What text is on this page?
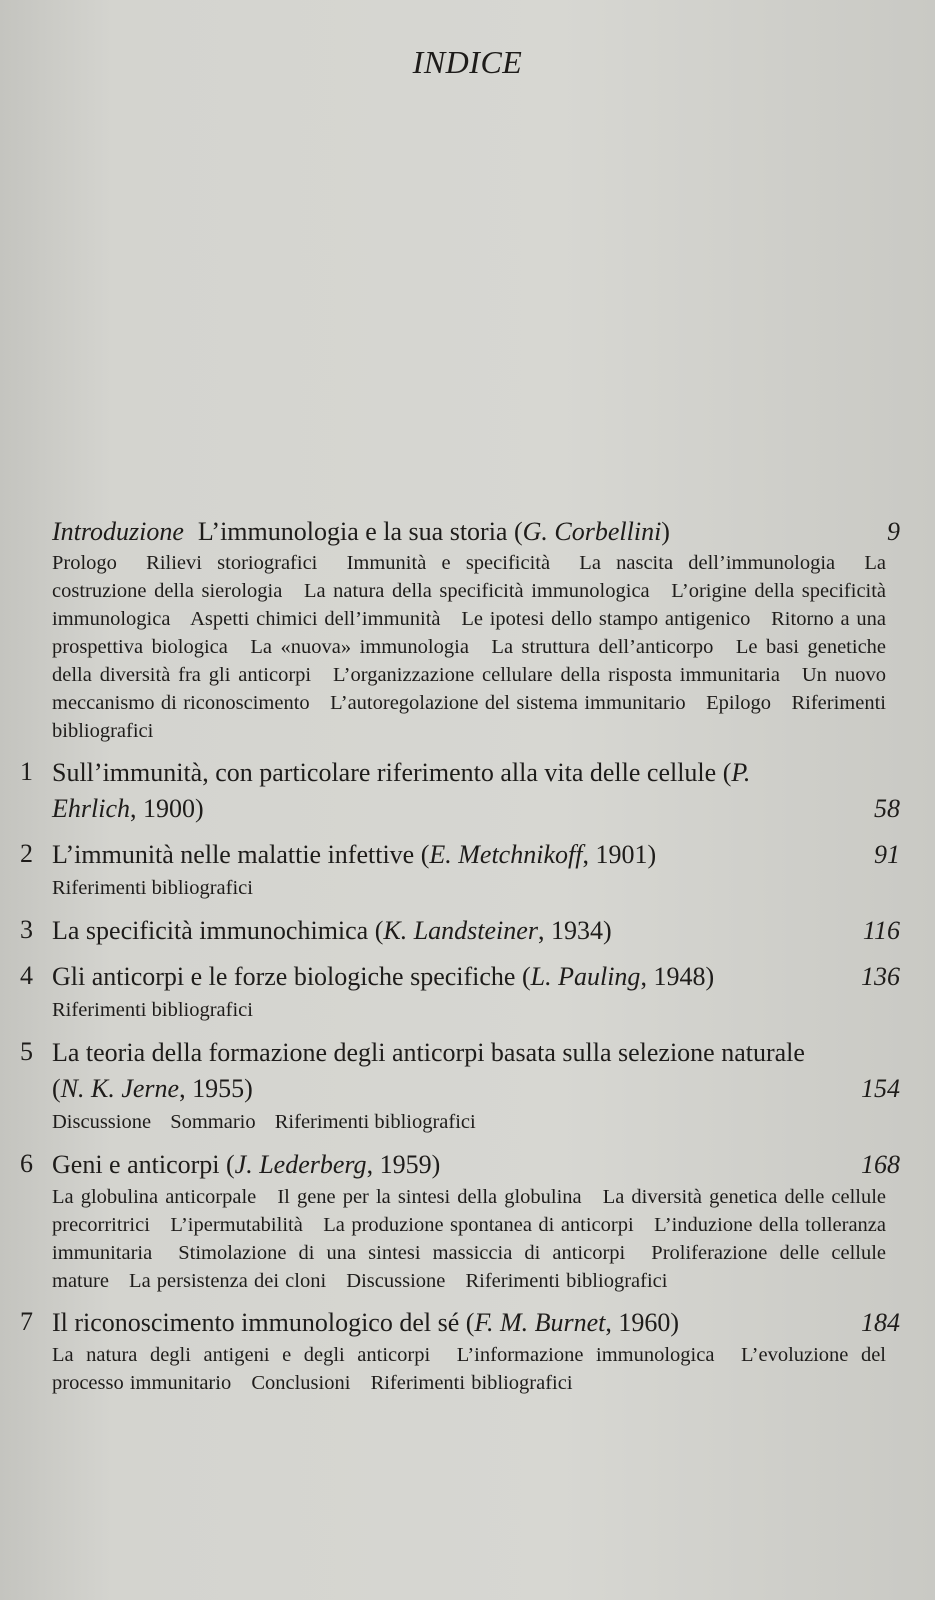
INDICE
Introduzione L’immunologia e la sua storia (G. Corbellini)	9
Prologo Rilievi storiografici Immunità e specificità La nascita dell’immunologia La costruzione della sierologia La natura della specificità immunologica L’origine della specificità immunologica Aspetti chimici dell’immunità Le ipotesi dello stampo antigenico Ritorno a una prospettiva biologica La «nuova» immunologia La struttura dell’anticorpo Le basi genetiche della diversità fra gli anticorpi L’organizzazione cellulare della risposta immunitaria Un nuovo meccanismo di riconoscimento L’autoregolazione del sistema immunitario Epilogo Riferimenti bibliografici
1 Sull’immunità, con particolare riferimento alla vita delle cellule (P. Ehrlich, 1900)	58
2 L’immunità nelle malattie infettive (E. Metchnikoff, 1901)	91
Riferimenti bibliografici
3 La specificità immunochimica (K. Landsteiner, 1934)	116
4 Gli anticorpi e le forze biologiche specifiche (L. Pauling, 1948)	136
Riferimenti bibliografici
5 La teoria della formazione degli anticorpi basata sulla selezione naturale (N. K. Jerne, 1955)	154
Discussione Sommario Riferimenti bibliografici
6 Geni e anticorpi (J. Lederberg, 1959)	168
La globulina anticorpale Il gene per la sintesi della globulina La diversità genetica delle cellule precorritrici L’ipermutabilità La produzione spontanea di anticorpi L’induzione della tolleranza immunitaria Stimolazione di una sintesi massiccia di anticorpi Proliferazione delle cellule mature La persistenza dei cloni Discussione Riferimenti bibliografici
7 Il riconoscimento immunologico del sé (F. M. Burnet, 1960)	184
La natura degli antigeni e degli anticorpi L’informazione immunologica L’evoluzione del processo immunitario Conclusioni Riferimenti bibliografici
